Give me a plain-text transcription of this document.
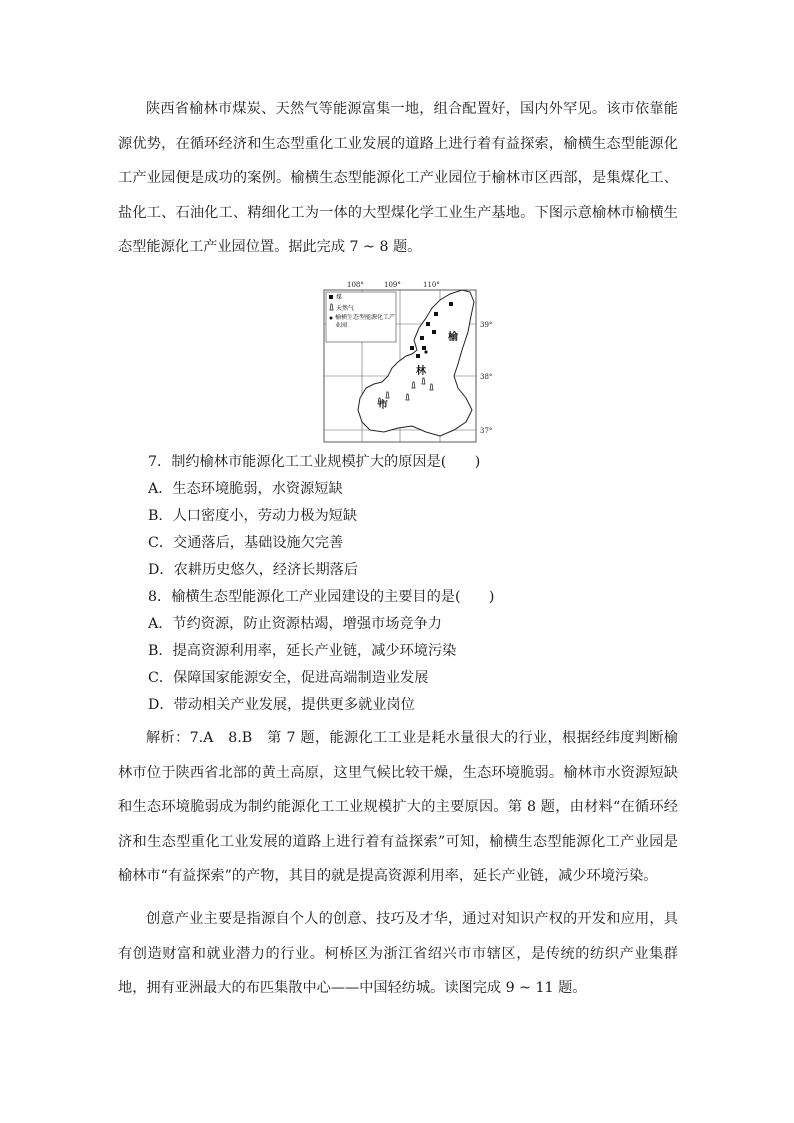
陕西省榆林市煤炭、天然气等能源富集一地，组合配置好，国内外罕见。该市依靠能源优势，在循环经济和生态型重化工业发展的道路上进行着有益探索，榆横生态型能源化工产业园便是成功的案例。榆横生态型能源化工产业园位于榆林市区西部，是集煤化工、盐化工、石油化工、精细化工为一体的大型煤化学工业生产基地。下图示意榆林市榆横生态型能源化工产业园位置。据此完成 7 ~ 8 题。
108°	109°	110°
39°
38°
37°
煤
天然气
榆横生态型能源化工产业园
榆
林
市
7．制约榆林市能源化工工业规模扩大的原因是(　　)
A．生态环境脆弱，水资源短缺
B．人口密度小，劳动力极为短缺
C．交通落后，基础设施欠完善
D．农耕历史悠久，经济长期落后
8．榆横生态型能源化工产业园建设的主要目的是(　　)
A．节约资源，防止资源枯竭，增强市场竞争力
B．提高资源利用率，延长产业链，减少环境污染
C．保障国家能源安全，促进高端制造业发展
D．带动相关产业发展，提供更多就业岗位
解析：7.A　8.B　第 7 题，能源化工工业是耗水量很大的行业，根据经纬度判断榆林市位于陕西省北部的黄土高原，这里气候比较干燥，生态环境脆弱。榆林市水资源短缺和生态环境脆弱成为制约能源化工工业规模扩大的主要原因。第 8 题，由材料“在循环经济和生态型重化工业发展的道路上进行着有益探索”可知，榆横生态型能源化工产业园是榆林市“有益探索”的产物，其目的就是提高资源利用率，延长产业链，减少环境污染。
创意产业主要是指源自个人的创意、技巧及才华，通过对知识产权的开发和应用，具有创造财富和就业潜力的行业。柯桥区为浙江省绍兴市市辖区，是传统的纺织产业集群地，拥有亚洲最大的布匹集散中心——中国轻纺城。读图完成 9 ~ 11 题。
